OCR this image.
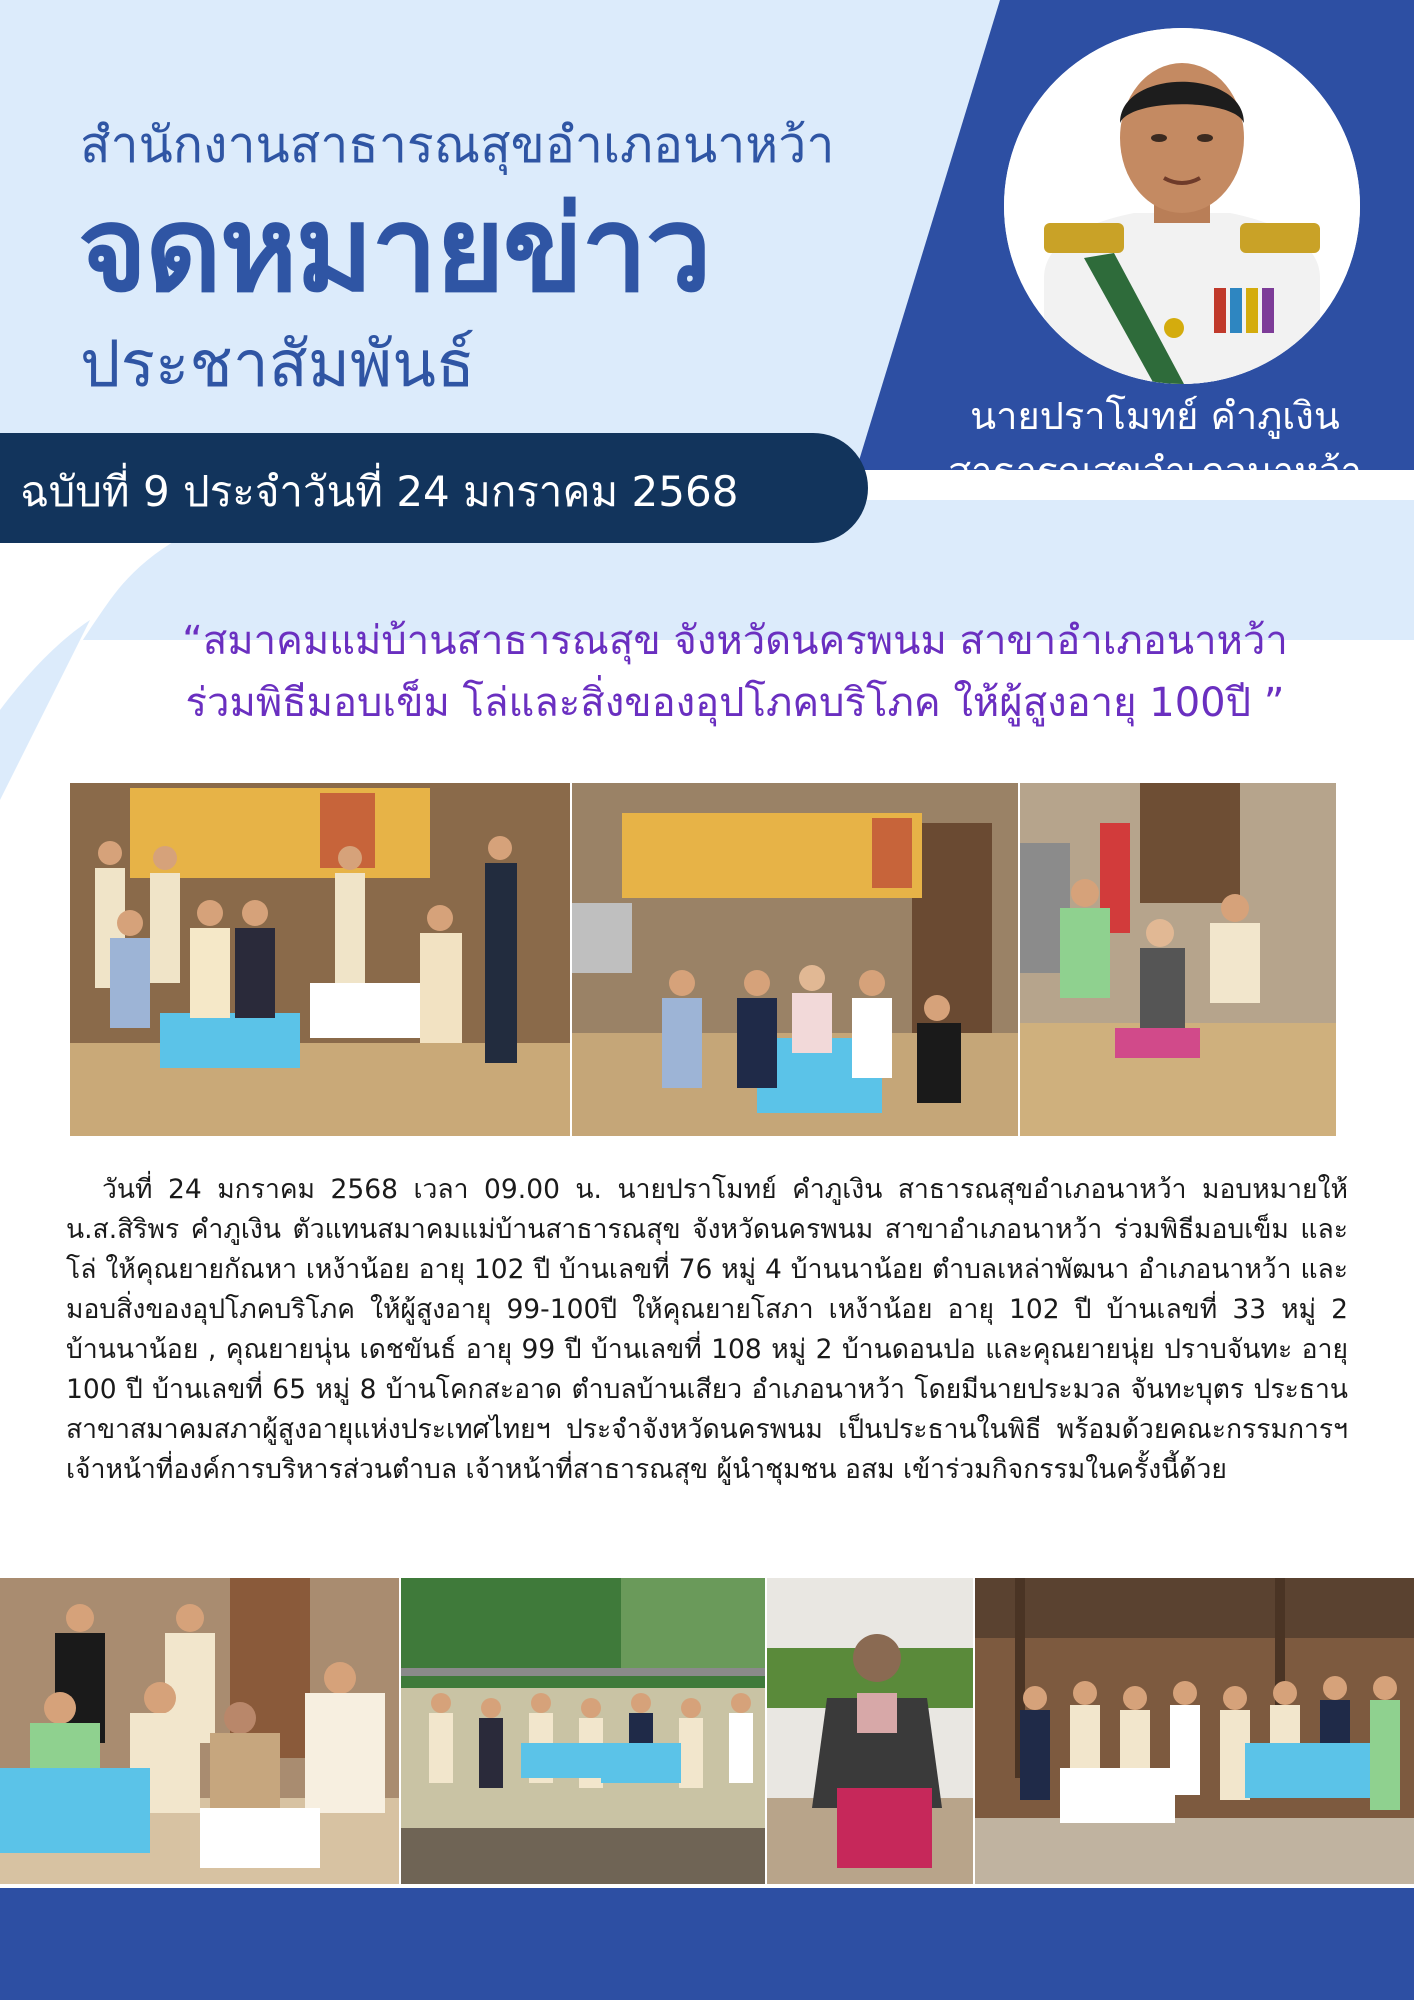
สำนักงานสาธารณสุขอำเภอนาหว้า
จดหมายข่าว
ประชาสัมพันธ์
ฉบับที่ 9 ประจำวันที่ 24 มกราคม 2568
นายปราโมทย์ คำภูเงิน
สาธารณสุขอำเภอนาหว้า
“สมาคมแม่บ้านสาธารณสุข จังหวัดนครพนม สาขาอำเภอนาหว้า
ร่วมพิธีมอบเข็ม โล่และสิ่งของอุปโภคบริโภค ให้ผู้สูงอายุ 100ปี ”
วันที่ 24 มกราคม 2568 เวลา 09.00 น. นายปราโมทย์ คำภูเงิน สาธารณสุขอำเภอนาหว้า มอบหมายให้ น.ส.สิริพร คำภูเงิน ตัวแทนสมาคมแม่บ้านสาธารณสุข จังหวัดนครพนม สาขาอำเภอนาหว้า ร่วมพิธีมอบเข็ม และโล่ ให้คุณยายกัณหา เหง้าน้อย อายุ 102 ปี บ้านเลขที่ 76 หมู่ 4 บ้านนาน้อย ตำบลเหล่าพัฒนา อำเภอนาหว้า และมอบสิ่งของอุปโภคบริโภค ให้ผู้สูงอายุ 99-100ปี ให้คุณยายโสภา เหง้าน้อย อายุ 102 ปี บ้านเลขที่ 33 หมู่ 2 บ้านนาน้อย , คุณยายนุ่น เดชขันธ์ อายุ 99 ปี บ้านเลขที่ 108 หมู่ 2 บ้านดอนปอ และคุณยายนุ่ย ปราบจันทะ อายุ 100 ปี บ้านเลขที่ 65 หมู่ 8 บ้านโคกสะอาด ตำบลบ้านเสียว อำเภอนาหว้า โดยมีนายประมวล จันทะบุตร ประธานสาขาสมาคมสภาผู้สูงอายุแห่งประเทศไทยฯ ประจำจังหวัดนครพนม เป็นประธานในพิธี พร้อมด้วยคณะกรรมการฯ เจ้าหน้าที่องค์การบริหารส่วนตำบล เจ้าหน้าที่สาธารณสุข ผู้นำชุมชน อสม เข้าร่วมกิจกรรมในครั้งนี้ด้วย
